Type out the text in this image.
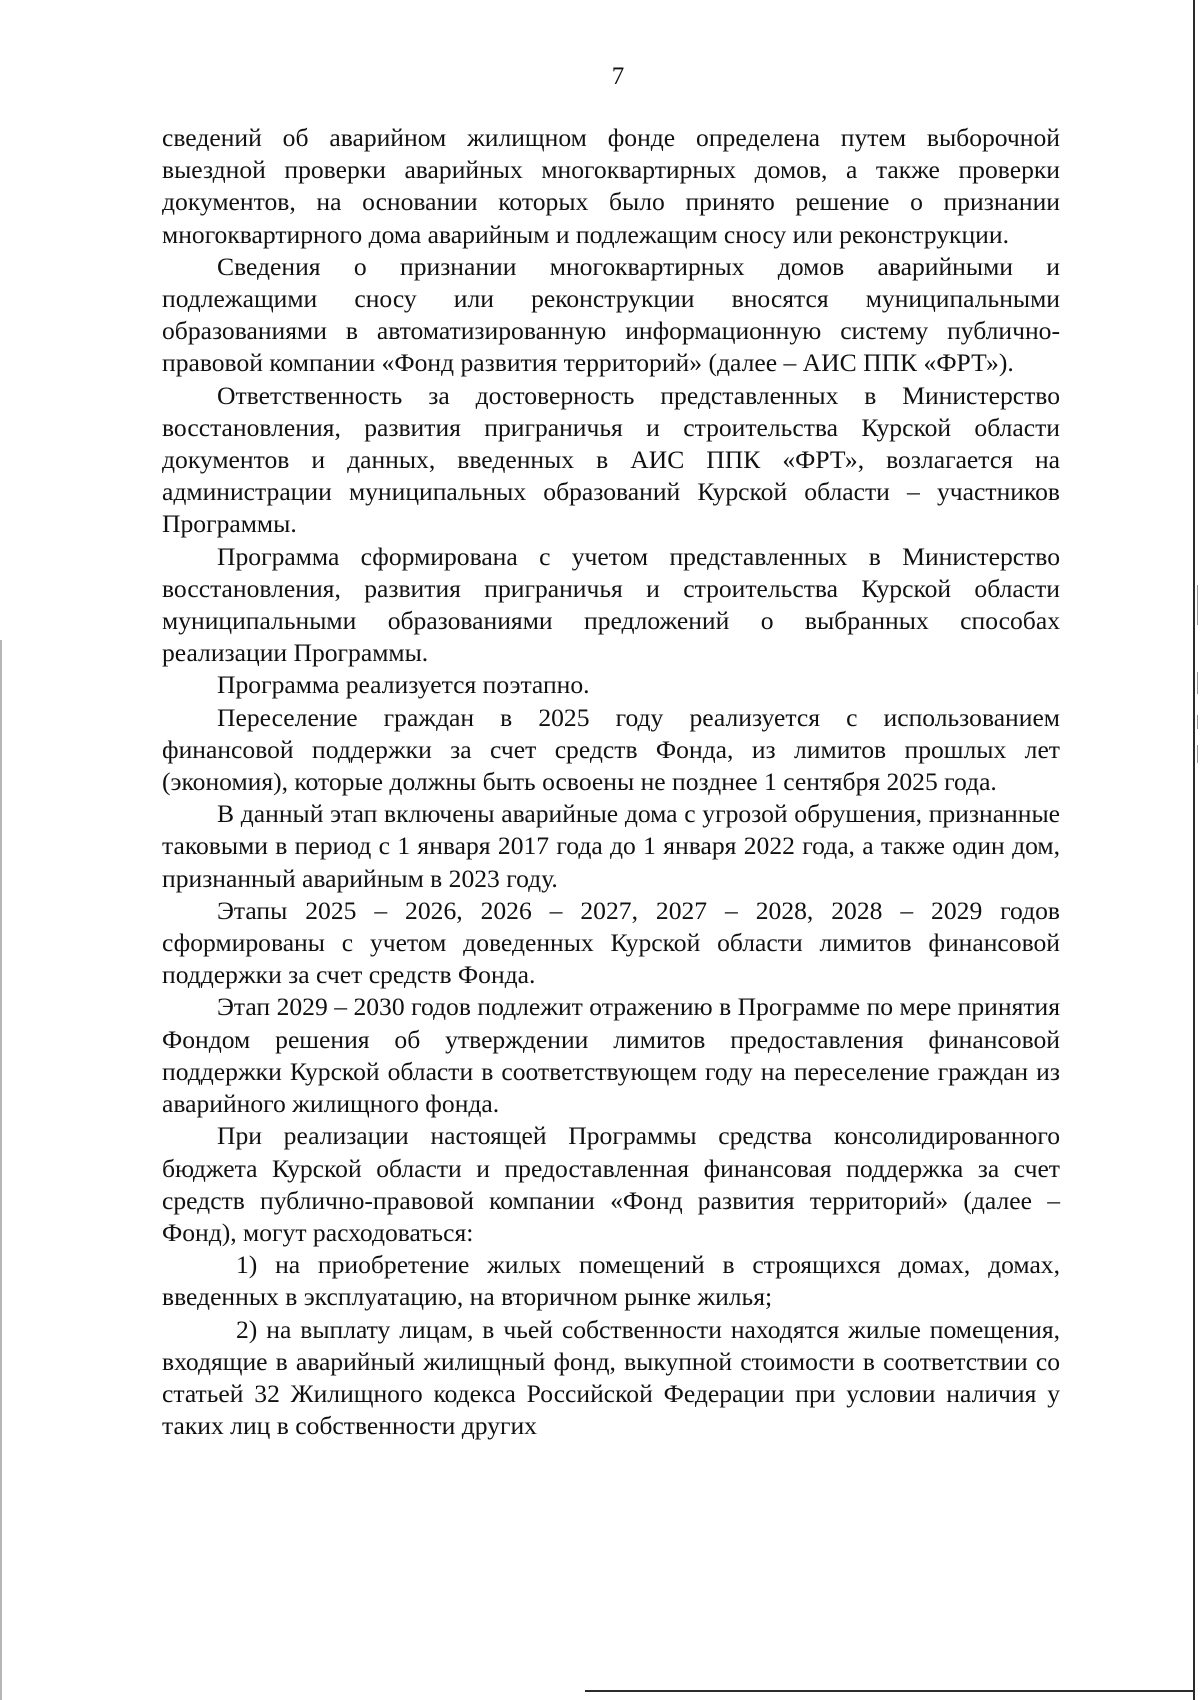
7

сведений об аварийном жилищном фонде определена путем выборочной выездной проверки аварийных многоквартирных домов, а также проверки документов, на основании которых было принято решение о признании многоквартирного дома аварийным и подлежащим сносу или реконструкции.

Сведения о признании многоквартирных домов аварийными и подлежащими сносу или реконструкции вносятся муниципальными образованиями в автоматизированную информационную систему публично-правовой компании «Фонд развития территорий» (далее – АИС ППК «ФРТ»).

Ответственность за достоверность представленных в Министерство восстановления, развития приграничья и строительства Курской области документов и данных, введенных в АИС ППК «ФРТ», возлагается на администрации муниципальных образований Курской области – участников Программы.

Программа сформирована с учетом представленных в Министерство восстановления, развития приграничья и строительства Курской области муниципальными образованиями предложений о выбранных способах реализации Программы.

Программа реализуется поэтапно.

Переселение граждан в 2025 году реализуется с использованием финансовой поддержки за счет средств Фонда, из лимитов прошлых лет (экономия), которые должны быть освоены не позднее 1 сентября 2025 года.

В данный этап включены аварийные дома с угрозой обрушения, признанные таковыми в период с 1 января 2017 года до 1 января 2022 года, а также один дом, признанный аварийным в 2023 году.

Этапы 2025 – 2026, 2026 – 2027, 2027 – 2028, 2028 – 2029 годов сформированы с учетом доведенных Курской области лимитов финансовой поддержки за счет средств Фонда.

Этап 2029 – 2030 годов подлежит отражению в Программе по мере принятия Фондом решения об утверждении лимитов предоставления финансовой поддержки Курской области в соответствующем году на переселение граждан из аварийного жилищного фонда.

При реализации настоящей Программы средства консолидированного бюджета Курской области и предоставленная финансовая поддержка за счет средств публично-правовой компании «Фонд развития территорий» (далее – Фонд), могут расходоваться:

1) на приобретение жилых помещений в строящихся домах, домах, введенных в эксплуатацию, на вторичном рынке жилья;

2) на выплату лицам, в чьей собственности находятся жилые помещения, входящие в аварийный жилищный фонд, выкупной стоимости в соответствии со статьей 32 Жилищного кодекса Российской Федерации при условии наличия у таких лиц в собственности других
